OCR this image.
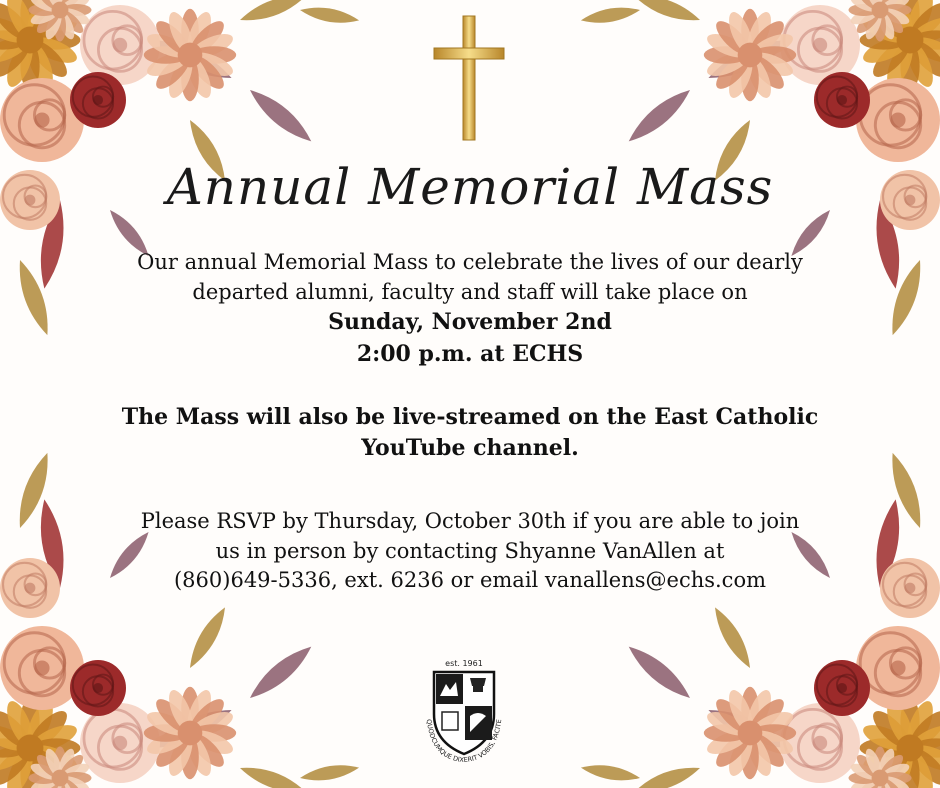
Annual Memorial Mass
Our annual Memorial Mass to celebrate the lives of our dearly
departed alumni, faculty and staff will take place on
Sunday, November 2nd
2:00 p.m. at ECHS
The Mass will also be live-streamed on the East Catholic
YouTube channel.
Please RSVP by Thursday, October 30th if you are able to join
us in person by contacting Shyanne VanAllen at
(860)649-5336, ext. 6236 or email vanallens@echs.com
est. 1961
QUODCUMQUE DIXERIT VOBIS, FACITE
